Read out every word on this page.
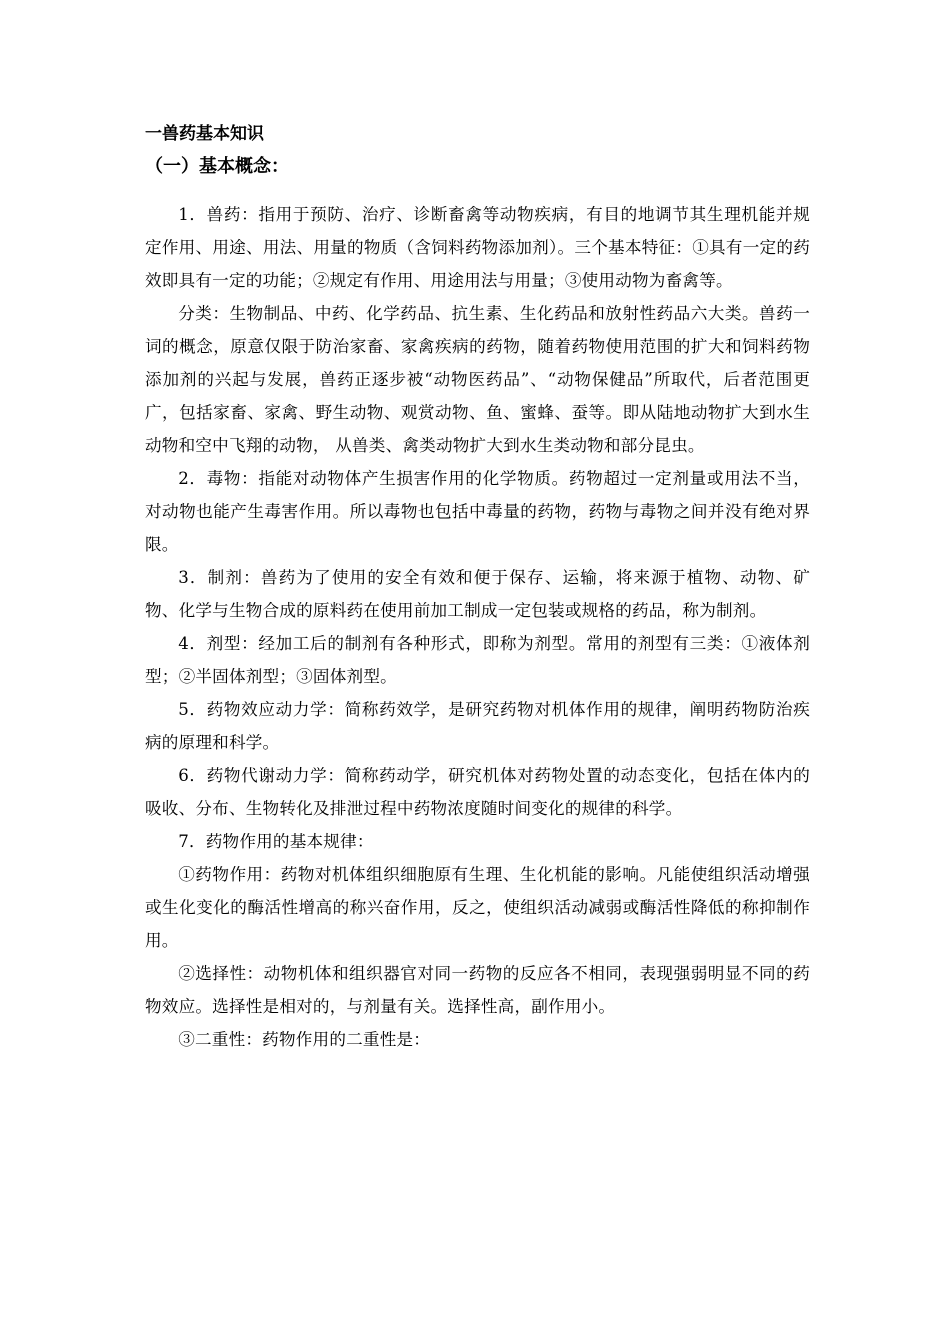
一兽药基本知识
（一）基本概念：

1．兽药：指用于预防、治疗、诊断畜禽等动物疾病，有目的地调节其生理机能并规定作用、用途、用法、用量的物质（含饲料药物添加剂）。三个基本特征：①具有一定的药效即具有一定的功能；②规定有作用、用途用法与用量；③使用动物为畜禽等。

分类：生物制品、中药、化学药品、抗生素、生化药品和放射性药品六大类。兽药一词的概念，原意仅限于防治家畜、家禽疾病的药物，随着药物使用范围的扩大和饲料药物添加剂的兴起与发展，兽药正逐步被“动物医药品”、“动物保健品”所取代，后者范围更广，包括家畜、家禽、野生动物、观赏动物、鱼、蜜蜂、蚕等。即从陆地动物扩大到水生动物和空中飞翔的动物， 从兽类、禽类动物扩大到水生类动物和部分昆虫。

2．毒物：指能对动物体产生损害作用的化学物质。药物超过一定剂量或用法不当，对动物也能产生毒害作用。所以毒物也包括中毒量的药物，药物与毒物之间并没有绝对界限。

3．制剂：兽药为了使用的安全有效和便于保存、运输，将来源于植物、动物、矿物、化学与生物合成的原料药在使用前加工制成一定包装或规格的药品，称为制剂。

4．剂型：经加工后的制剂有各种形式，即称为剂型。常用的剂型有三类：①液体剂型；②半固体剂型；③固体剂型。

5．药物效应动力学：简称药效学，是研究药物对机体作用的规律，阐明药物防治疾病的原理和科学。

6．药物代谢动力学：简称药动学，研究机体对药物处置的动态变化，包括在体内的吸收、分布、生物转化及排泄过程中药物浓度随时间变化的规律的科学。

7．药物作用的基本规律：

①药物作用：药物对机体组织细胞原有生理、生化机能的影响。凡能使组织活动增强或生化变化的酶活性增高的称兴奋作用，反之，使组织活动减弱或酶活性降低的称抑制作用。

②选择性：动物机体和组织器官对同一药物的反应各不相同，表现强弱明显不同的药物效应。选择性是相对的，与剂量有关。选择性高，副作用小。

③二重性：药物作用的二重性是：
